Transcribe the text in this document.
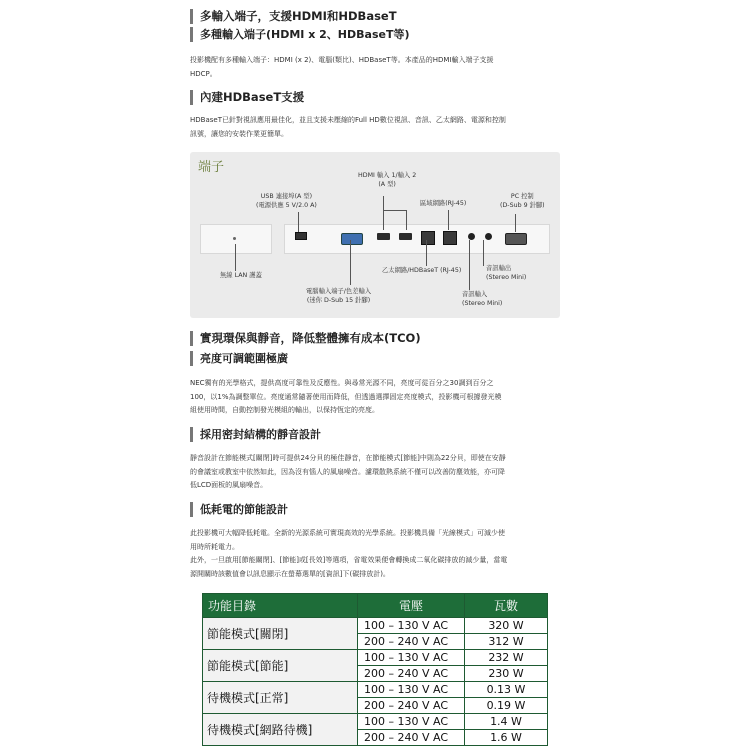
多輸入端子，支援HDMI和HDBaseT
多種輸入端子(HDMI x 2、HDBaseT等)
投影機配有多種輸入端子：HDMI (x 2)、電腦(類比)、HDBaseT等。本產品的HDMI輸入端子支援
HDCP。
內建HDBaseT支援
HDBaseT已針對視訊應用最佳化，並且支援未壓縮的Full HD數位視訊、音訊、乙太網路、電源和控制
訊號，讓您的安裝作業更簡單。
端子
USB 連接埠(A 型)
(電源供應 5 V/2.0 A)
HDMI 輸入 1/輸入 2
(A 型)
區域網路(RJ-45)
PC 控制
(D-Sub 9 針腳)
無線 LAN 護蓋
電腦輸入端子/色差輸入
(迷你 D-Sub 15 針腳)
乙太網路/HDBaseT (RJ-45)	音訊輸出
(Stereo Mini)
音訊輸入
(Stereo Mini)
實現環保與靜音，降低整體擁有成本(TCO)
亮度可調範圍極廣
NEC獨有的光學格式，提供高度可靠性及反應性。與尋常光源不同，亮度可從百分之30調到百分之
100，以1%為調整單位。亮度通常隨著使用而降低，但透過選擇固定亮度模式，投影機可根據發光模
組使用時間，自動控制發光模組的輸出，以保持恆定的亮度。
採用密封結構的靜音設計
靜音設計在節能模式[關閉]時可提供24分貝的極佳靜音，在節能模式[節能]中則為22分貝，即使在安靜
的會議室或教室中依然如此，因為沒有惱人的風扇噪音。濾環散熱系統不僅可以改善防塵效能，亦可降
低LCD面板的風扇噪音。
低耗電的節能設計
此投影機可大幅降低耗電。全新的光源系統可實現高效的光學系統。投影機具備「光線模式」可減少使
用時所耗電力。
此外，一旦啟用[節能關閉]、[節能]或[長效]等選項，省電效果便會轉換成二氧化碳排放的減少量，當電
源開關時該數值會以訊息顯示在螢幕選單的[資訊]下(碳排放計)。
功能目錄	電壓	瓦數
節能模式[關閉]	100 – 130 V AC	320 W
	200 – 240 V AC	312 W
節能模式[節能]	100 – 130 V AC	232 W
	200 – 240 V AC	230 W
待機模式[正常]	100 – 130 V AC	0.13 W
	200 – 240 V AC	0.19 W
待機模式[網路待機]	100 – 130 V AC	1.4 W
	200 – 240 V AC	1.6 W
